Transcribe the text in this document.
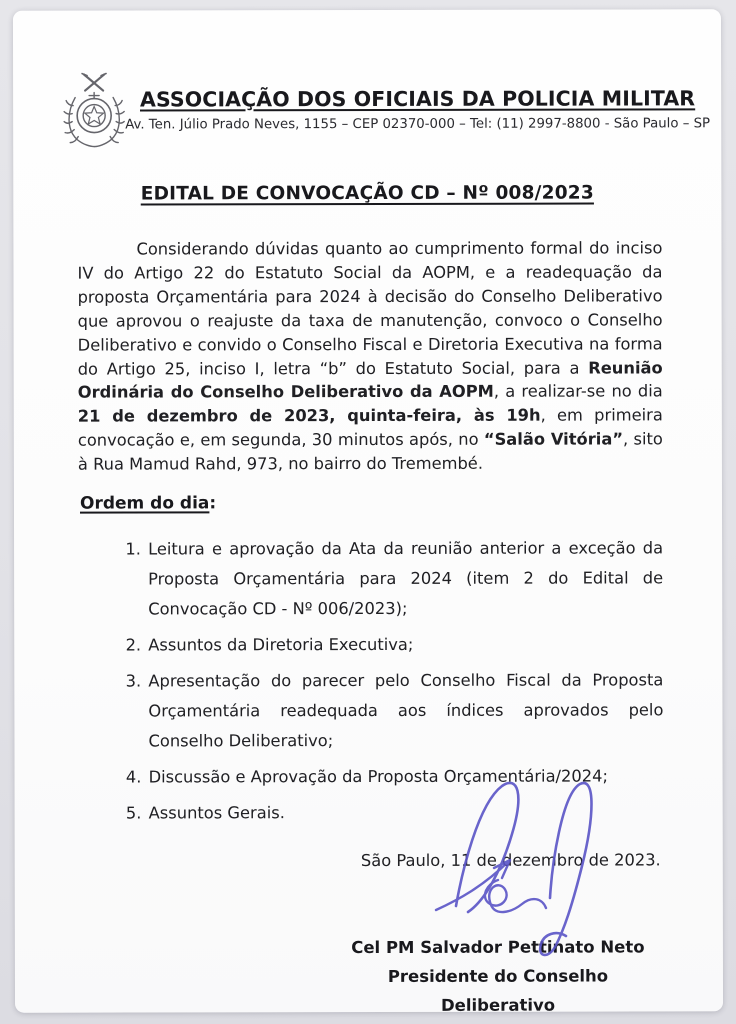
ASSOCIAÇÃO DOS OFICIAIS DA POLICIA MILITAR
Av. Ten. Júlio Prado Neves, 1155 – CEP 02370-000 – Tel: (11) 2997-8800 - São Paulo – SP
EDITAL DE CONVOCAÇÃO CD – Nº 008/2023

Considerando dúvidas quanto ao cumprimento formal do inciso IV do Artigo 22 do Estatuto Social da AOPM, e a readequação da proposta Orçamentária para 2024 à decisão do Conselho Deliberativo que aprovou o reajuste da taxa de manutenção, convoco o Conselho Deliberativo e convido o Conselho Fiscal e Diretoria Executiva na forma do Artigo 25, inciso I, letra “b” do Estatuto Social, para a Reunião Ordinária do Conselho Deliberativo da AOPM, a realizar-se no dia 21 de dezembro de 2023, quinta-feira, às 19h, em primeira convocação e, em segunda, 30 minutos após, no “Salão Vitória”, sito à Rua Mamud Rahd, 973, no bairro do Tremembé.

Ordem do dia:
1. Leitura e aprovação da Ata da reunião anterior a exceção da Proposta Orçamentária para 2024 (item 2 do Edital de Convocação CD - Nº 006/2023);
2. Assuntos da Diretoria Executiva;
3. Apresentação do parecer pelo Conselho Fiscal da Proposta Orçamentária readequada aos índices aprovados pelo Conselho Deliberativo;
4. Discussão e Aprovação da Proposta Orçamentária/2024;
5. Assuntos Gerais.
São Paulo, 11 de dezembro de 2023.
Cel PM Salvador Pettinato Neto
Presidente do Conselho Deliberativo
